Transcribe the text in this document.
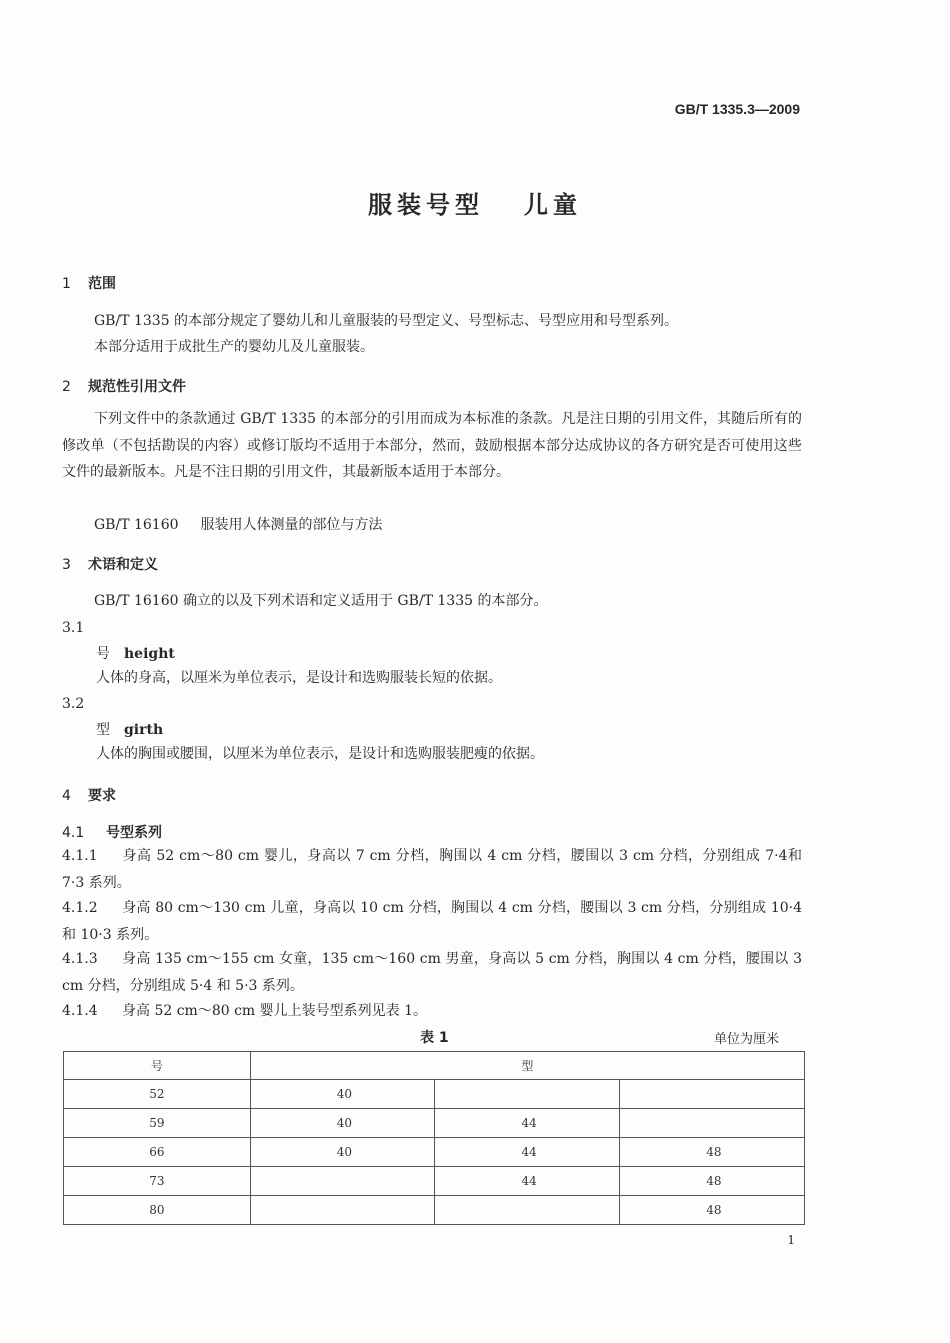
GB/T 1335.3—2009
服装号型 儿童
1 范围
GB/T 1335 的本部分规定了婴幼儿和儿童服装的号型定义、号型标志、号型应用和号型系列。
本部分适用于成批生产的婴幼儿及儿童服装。
2 规范性引用文件
下列文件中的条款通过 GB/T 1335 的本部分的引用而成为本标准的条款。凡是注日期的引用文件，其随后所有的修改单（不包括勘误的内容）或修订版均不适用于本部分，然而，鼓励根据本部分达成协议的各方研究是否可使用这些文件的最新版本。凡是不注日期的引用文件，其最新版本适用于本部分。
GB/T 16160 服装用人体测量的部位与方法
3 术语和定义
GB/T 16160 确立的以及下列术语和定义适用于 GB/T 1335 的本部分。
3.1
号 height
人体的身高，以厘米为单位表示，是设计和选购服装长短的依据。
3.2
型 girth
人体的胸围或腰围，以厘米为单位表示，是设计和选购服装肥瘦的依据。
4 要求
4.1 号型系列
4.1.1 身高 52 cm～80 cm 婴儿，身高以 7 cm 分档，胸围以 4 cm 分档，腰围以 3 cm 分档，分别组成 7·4和 7·3 系列。
4.1.2 身高 80 cm～130 cm 儿童，身高以 10 cm 分档，胸围以 4 cm 分档，腰围以 3 cm 分档，分别组成 10·4 和 10·3 系列。
4.1.3 身高 135 cm～155 cm 女童，135 cm～160 cm 男童，身高以 5 cm 分档，胸围以 4 cm 分档，腰围以 3 cm 分档，分别组成 5·4 和 5·3 系列。
4.1.4 身高 52 cm～80 cm 婴儿上装号型系列见表 1。
表 1	单位为厘米
号	型		
52	40		
59	40	44	
66	40	44	48
73		44	48
80			48
1
